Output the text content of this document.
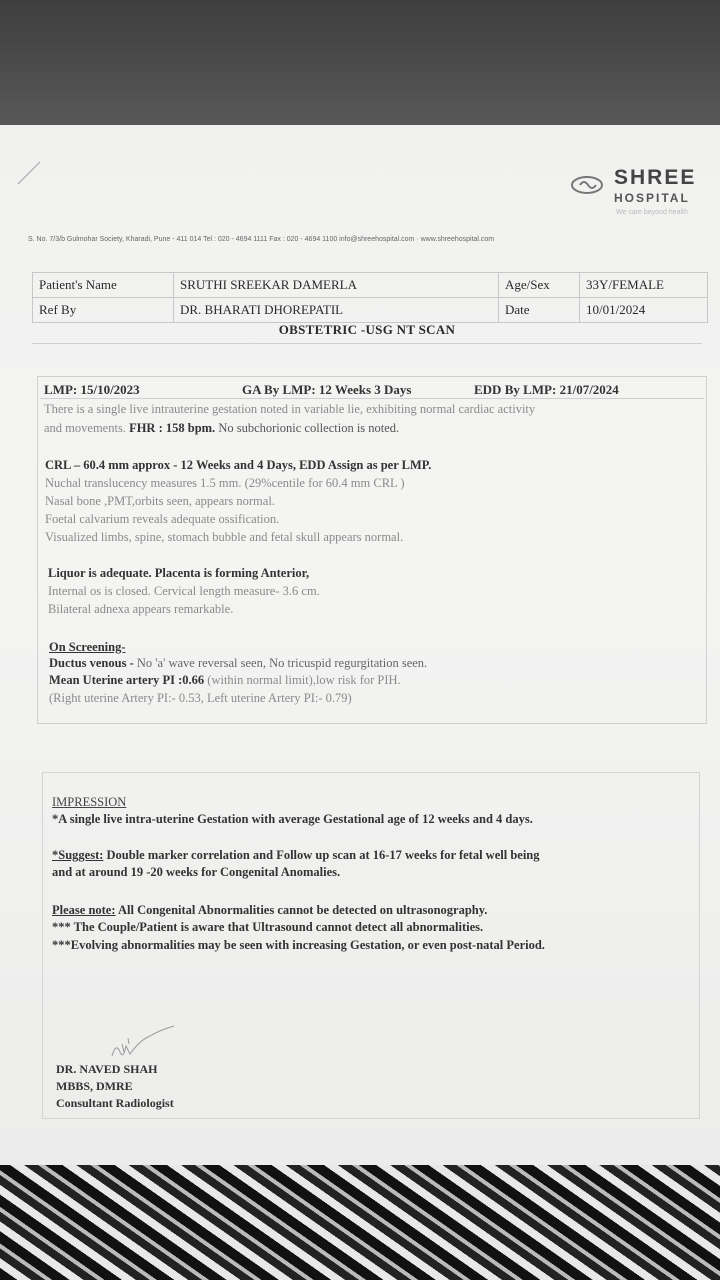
SHREE
HOSPITAL
We care beyond health
S. No. 7/3/b Gulmohar Society, Kharadi, Pune - 411 014 Tel : 020 - 4694 1111 Fax : 020 - 4694 1100 info@shreehospital.com · www.shreehospital.com
Patient's Name	SRUTHI SREEKAR DAMERLA	Age/Sex	33Y/FEMALE
Ref By	DR. BHARATI DHOREPATIL	Date	10/01/2024
OBSTETRIC -USG NT SCAN
LMP: 15/10/2023	GA By LMP: 12 Weeks 3 Days	EDD By LMP: 21/07/2024
There is a single live intrauterine gestation noted in variable lie, exhibiting normal cardiac activity
and movements. FHR : 158 bpm. No subchorionic collection is noted.
CRL – 60.4 mm approx - 12 Weeks and 4 Days, EDD Assign as per LMP.
Nuchal translucency measures 1.5 mm. (29%centile for 60.4 mm CRL )
Nasal bone ,PMT,orbits seen, appears normal.
Foetal calvarium reveals adequate ossification.
Visualized limbs, spine, stomach bubble and fetal skull appears normal.
Liquor is adequate. Placenta is forming Anterior,
Internal os is closed. Cervical length measure- 3.6 cm.
Bilateral adnexa appears remarkable.
On Screening-
Ductus venous - No 'a' wave reversal seen, No tricuspid regurgitation seen.
Mean Uterine artery PI :0.66 (within normal limit),low risk for PIH.
(Right uterine Artery PI:- 0.53, Left uterine Artery PI:- 0.79)
IMPRESSION
*A single live intra-uterine Gestation with average Gestational age of 12 weeks and 4 days.
*Suggest: Double marker correlation and Follow up scan at 16-17 weeks for fetal well being
and at around 19 -20 weeks for Congenital Anomalies.
Please note: All Congenital Abnormalities cannot be detected on ultrasonography.
*** The Couple/Patient is aware that Ultrasound cannot detect all abnormalities.
***Evolving abnormalities may be seen with increasing Gestation, or even post-natal Period.
DR. NAVED SHAH
MBBS, DMRE
Consultant Radiologist
